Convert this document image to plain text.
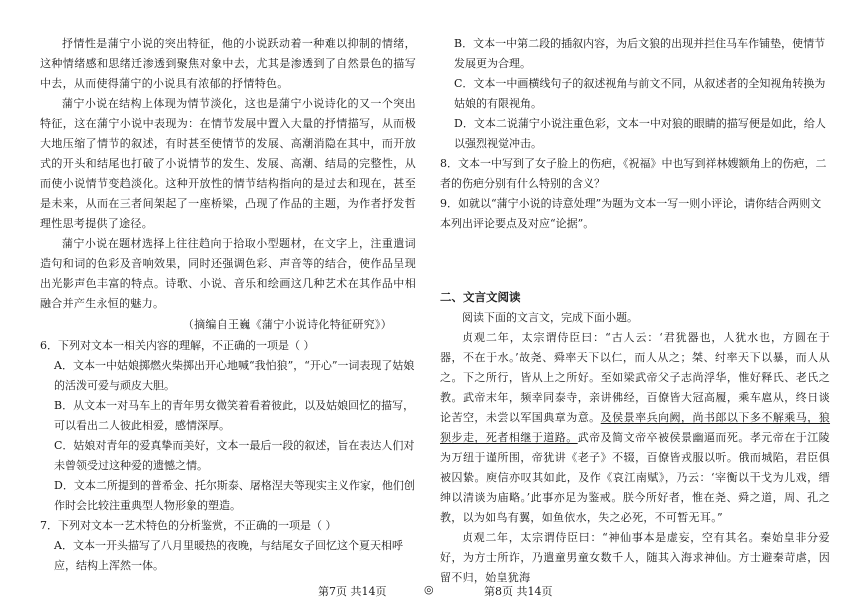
抒情性是蒲宁小说的突出特征，他的小说跃动着一种难以抑制的情绪，这种情绪感和思绪迁渗透到聚焦对象中去，尤其是渗透到了自然景色的描写中去，从而使得蒲宁的小说具有浓郁的抒情特色。

蒲宁小说在结构上体现为情节淡化，这也是蒲宁小说诗化的又一个突出特征，这在蒲宁小说中表现为：在情节发展中置入大量的抒情描写，从而极大地压缩了情节的叙述，有时甚至使情节的发展、高潮消隐在其中，而开放式的开头和结尾也打破了小说情节的发生、发展、高潮、结局的完整性，从而使小说情节变趋淡化。这种开放性的情节结构指向的是过去和现在，甚至是未来，从而在三者间架起了一座桥梁，凸现了作品的主题，为作者抒发哲理性思考提供了途径。

蒲宁小说在题材选择上往往趋向于拾取小型题材，在文字上，注重遣词造句和词的色彩及音响效果，同时还强调色彩、声音等的结合，使作品呈现出光影声色丰富的特点。诗歌、小说、音乐和绘画这几种艺术在其作品中相融合并产生永恒的魅力。

（摘编自王巍《蒲宁小说诗化特征研究》）

6．下列对文本一相关内容的理解，不正确的一项是（ ）

A．文本一中姑娘掷燃火柴掷出开心地喊“我怕狼”，“开心”一词表现了姑娘的活泼可爱与顽皮大胆。

B．从文本一对马车上的青年男女微笑着看着彼此，以及姑娘回忆的描写，可以看出二人彼此相爱，感情深厚。

C．姑娘对青年的爱真挚而美好，文本一最后一段的叙述，旨在表达人们对未曾领受过这种爱的遗憾之情。

D．文本二所提到的普希金、托尔斯泰、屠格涅夫等现实主义作家，他们创作时会比较注重典型人物形象的塑造。

7．下列对文本一艺术特色的分析鉴赏，不正确的一项是（ ）

A．文本一开头描写了八月里暖热的夜晚，与结尾女子回忆这个夏天相呼应，结构上浑然一体。

B．文本一中第二段的插叙内容，为后文狼的出现并拦住马车作铺垫，使情节发展更为合理。

C．文本一中画横线句子的叙述视角与前文不同，从叙述者的全知视角转换为姑娘的有限视角。

D．文本二说蒲宁小说注重色彩，文本一中对狼的眼睛的描写便是如此，给人以强烈视觉冲击。

8．文本一中写到了女子脸上的伤疤，《祝福》中也写到祥林嫂额角上的伤疤，二者的伤疤分别有什么特别的含义？

9．如就以“蒲宁小说的诗意处理”为题为文本一写一则小评论，请你结合两则文本列出评论要点及对应“论据”。

二、文言文阅读

阅读下面的文言文，完成下面小题。

贞观二年，太宗谓侍臣曰：“古人云：‘君犹器也，人犹水也，方圆在于器，不在于水。’故尧、舜率天下以仁，而人从之；桀、纣率天下以暴，而人从之。下之所行，皆从上之所好。至如梁武帝父子志尚浮华，惟好释氏、老氏之教。武帝末年，频幸同泰寺，亲讲佛经，百僚皆大冠高履，乘车扈从，终日谈论苦空，未尝以军国典章为意。及侯景率兵向阙，尚书郎以下多不解乘马，狼狈步走，死者相继于道路。武帝及简文帝卒被侯景幽逼而死。孝元帝在于江陵为万纽于谨所围，帝犹讲《老子》不辍，百僚皆戎服以听。俄而城陷，君臣俱被囚絷。庾信亦叹其如此，及作《哀江南赋》，乃云：‘宰衡以干戈为儿戏，缙绅以清谈为庙略。’此事亦足为鉴戒。朕今所好者，惟在尧、舜之道，周、孔之教，以为如鸟有翼，如鱼依水，失之必死，不可暂无耳。”

贞观二年，太宗谓侍臣曰：“神仙事本是虚妄，空有其名。秦始皇非分爱好，为方士所诈，乃遣童男童女数千人，随其入海求神仙。方士避秦苛虐，因留不归，始皇犹海

第7页 共14页	◎	第8页 共14页
